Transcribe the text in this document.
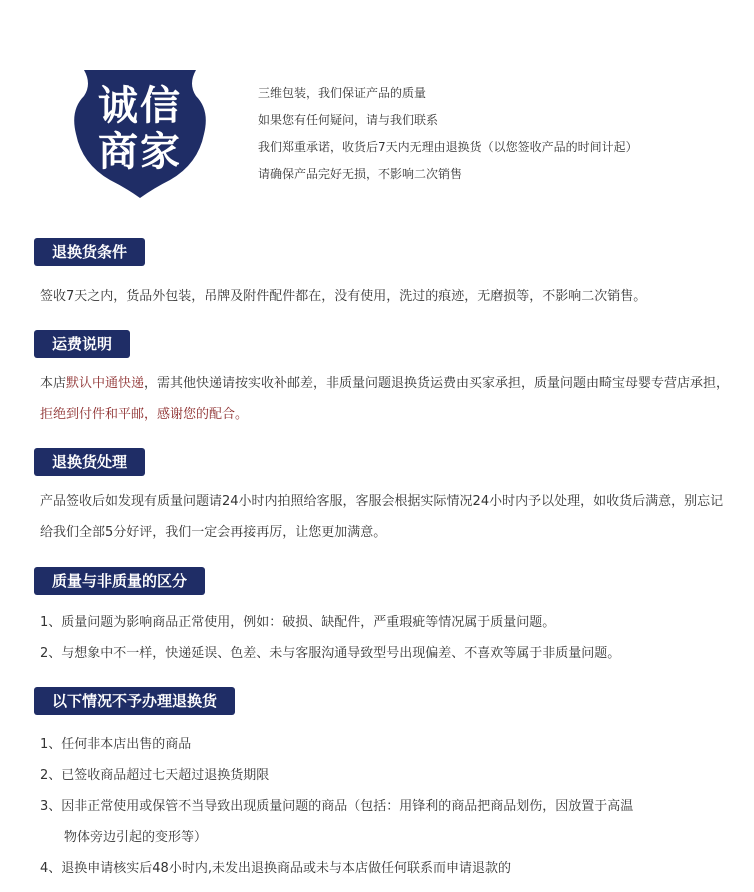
诚信
商家
三维包装，我们保证产品的质量
如果您有任何疑问，请与我们联系
我们郑重承诺，收货后7天内无理由退换货（以您签收产品的时间计起）
请确保产品完好无损，不影响二次销售
退换货条件
签收7天之内，货品外包装，吊牌及附件配件都在，没有使用，洗过的痕迹，无磨损等，不影响二次销售。
运费说明
本店默认中通快递，需其他快递请按实收补邮差，非质量问题退换货运费由买家承担，质量问题由畸宝母婴专营店承担，拒绝到付件和平邮，感谢您的配合。
退换货处理
产品签收后如发现有质量问题请24小时内拍照给客服，客服会根据实际情况24小时内予以处理，如收货后满意，别忘记给我们全部5分好评，我们一定会再接再厉，让您更加满意。
质量与非质量的区分
1、质量问题为影响商品正常使用，例如：破损、缺配件，严重瑕疵等情况属于质量问题。
2、与想象中不一样，快递延误、色差、未与客服沟通导致型号出现偏差、不喜欢等属于非质量问题。
以下情况不予办理退换货
1、任何非本店出售的商品
2、已签收商品超过七天超过退换货期限
3、因非正常使用或保管不当导致出现质量问题的商品（包括：用锋利的商品把商品划伤，因放置于高温
物体旁边引起的变形等）
4、退换申请核实后48小时内,未发出退换商品或未与本店做任何联系而申请退款的
